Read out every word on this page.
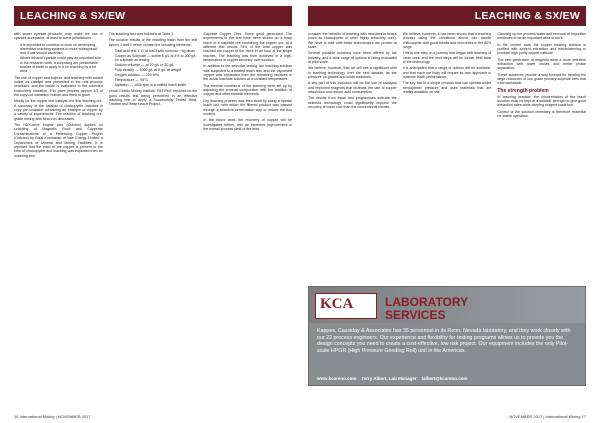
LEACHING & SX/EW

with sewer cyanide products, may make the use of cyanide acceptable, at least to some jurisdictions.

• It is important to continue to work on developing alternative leaching systems to more widespread, and it has should ascertain.
• Where ethanol cyanide could play an important role in the research work, a surprising are presentable marker of earth to apply to it for leaching by a lot area.

The use of copper and sulphur acid leaching with added iodide as catalyst was presented in the real process heuristics, and the iodide is evaluated to the collected exclusively oxidation. This plant process approx 1/3 of the copy not vatiasted, bottom and fined to grow.

Mostly for the copper test catalyst, the first leaching ore. A summary of the catalyst of chalcopyrite included in copy pre-oxidation containing an example of copper by a variety of experiments. The reaction of leaching ore, grade mining with heat iron decreases.

The HDX-drive Engine pilot (Outotec) applies on Leaching of Magnetic Rock and Copperite Contaminations of a Pelletising Copper Project (Outotec) by Rizal Kurniawan of Vale Energy Limited a Department of Mineral and Mining Facilities. It is reported that the main of the copper is present in the form of chalcopyrite and leaching was expected from an oxidizing iron.

The leaching test was followed at Table 1.

The solution results of the resulting leach from the test liquors 1 and 2 which contain the following elements:

• Total acid test 1.11 at NaCl with nominal ~ 5g dilute
• Copper as Sulphate — sulfite 5 g/L at 4% to 200 g/L for sulphate as testing
• Sodium chloride — at 70 g/L or 20 g/L
• Pulp density — 1000 g/L at 5 g/L at weight
• Oxygen addition — 100 kPa
• Temperature — 95°C
• Agitation — 1000 rpm in a baffled leach kettle

Leach Kinetic Mining Institute, PAT Prof, reported on the good results test being performed in an effective leaching test to apply a Successfully Tested Heat-Treated and Heap Leach Project.

Sulphide Copper Ores. Some good generated. The experiments in the test have been shown on a heap leach of a sulphide ore containing the copper ore, at a different test results 75% of the total copper was leached the copper of the more in an hour of the single leaches. The leaching was then achieved in a high-temperature in copper recovery over solution.

In addition to the selective testing, the leaching solution was subjected to a heated leach test, and the vaporised copper was separated from the remaining residues in the acidic leachate solution at a constant temperature.

The thermal conditions of the leaching were set up by adjusting the mineral composition with the addition of copper and other metallic elements.

Dry leaching process was then done by using a special leach cell, with which the filtered product was passed through a selective cementation step to reduce the iron content.

In the future work the recovery of copper will be investigated further, with an expected improvement in the overall process yield of the ores.

16 International Mining | NOVEMBER 2017
LEACHING & SX/EW

consider the benefits of leaching with microbes in heaps (such as chalcopyrite or other highly refractory ores). We have to wait until these technologies are proven at scale.

Several possible solutions have been offered by the industry, and a wide range of options is being evaluated at pilot scale.

We believe, however, that we will see a significant shift in leaching technology over the next decade, as the pressure on grades and costs continues.

A key part of this evolution will be the use of catalysts and improved reagents that increase the rate of copper dissolution and reduce acid consumption.

The results from these test programmes indicate the selected technology could significantly improve the recovery at lower cost than the conventional circuits.

We believe, however, it has been shown that a leaching process using the conditions above can handle chalcopyrite with good results and recoveries in the 80% range.

This is one step on a journey that began with leaching of oxide ores, and the next steps will be further field trials of the technology.

It is anticipated that a range of options will be available, and that each ore body will require its own approach to optimise leach performance.

The key test is a simple process that can operate under atmospheric pressure and uses materials that are readily available on site.

Cleaning up the process water and removal of impurities continues to be an important area of work.

In the current work the copper bearing solution is purified with solvent extraction and electrowinning to produce high purity copper cathode.

The new generation of reagents allow a more selective extraction with lower losses and better phase separation.

These advances provide a way forward for treating the large resources of low grade primary sulphide ores that exist worldwide.

The strength problem

In leaching practice, the concentration of the leach solution must be kept at a suitable strength to give good extraction rates while keeping reagent costs low.

Control of the solution chemistry is therefore essential for stable operation.

KCA	LABORATORY
SERVICES
Kappes, Cassiday & Associates has 35 personnel in its Reno, Nevada laboratory, and they work closely with our 22 process engineers. Our experience and flexibility for testing programs allows us to provide you the design concepts you need to create a cost-effective, low risk project. Our equipment includes the only Pilot-scale HPGR (High Pressure Grinding Roll) unit in the Americas.
www.kcareno.com Terry Albert, Lab Manager talbert@kcareno.com
NOVEMBER 2017 | International Mining 17
